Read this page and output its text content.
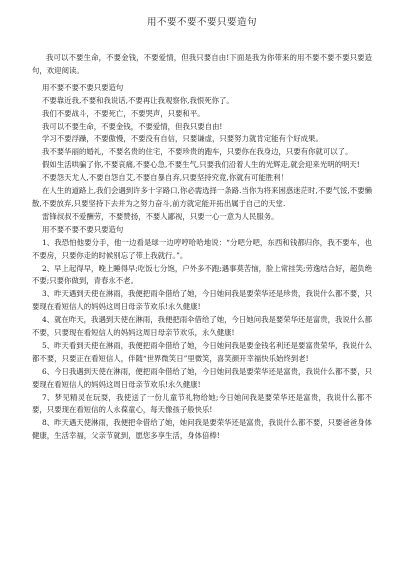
用不要不要不要只要造句

我可以不要生命，不要金钱，不要爱情，但我只要自由!下面是我为你带来的用不要不要不要只要造句，欢迎阅读。

用不要不要不要只要造句

不要靠近我,不要和我说话,不要再让我观察你,我恨死你了。

我们不要战斗，不要死亡，不要哭声，只要和平。

我可以不要生命，不要金钱，不要爱情，但我只要自由!

学习不要浮躁，不要傲慢，不要没有自信，只要谦虚，只要努力就肯定能有个好成果。

我不要华丽的婚礼，不要名贵的住宅，不要珍贵的跑车，只要你在我身边，只要有你就可以了。

假如生活哄骗了你,不要哀痛,不要心急,不要生气,只要我们沿着人生的光辉走,就会迎来光明的明天!

不要怨天尤人,不要自怨自艾,不要自暴自弃,只要坚持究竟,你就有可能胜利！

在人生的道路上,我们会遇到许多十字路口,你必需选择一条路.当你为将来困惑迷茫时,不要气馁,不要懒散,不要放弃,只要坚持下去并为之努力奋斗,前方就定能开拓出属于自己的天堂.

雷锋叔叔不爱酬劳，不要赞扬，不要人鄙视，只要一心一意为人民服务。

用不要不要不要只要造句

1、我恐怕他要分手，他一边看是球一边哼哼哈哈地说：“分吧分吧，东西和钱都归你，我不要车，也不要房，只要你走的时候别忘了带上我就行。”。

2、早上起得早，晚上睡得早;吃饭七分饱，户外多不跑;遇事莫苦恼，脸上常挂笑;劳逸结合好，超负绝不要;只要你做到，青春永不老。

3、昨天遇到天使在淋雨，我便把雨伞借给了她，今日她问我是要荣华还是珍贵，我说什么都不要，只要现在看短信人的妈妈这周日母亲节欢乐!永久健康!

4、就在昨天，我遇到天使在淋雨，我便把雨伞借给了她，今日她问我是要荣华还是富贵，我说什么都不要，只要现在看短信人的妈妈这周日母亲节欢乐，永久健康!

5、昨天看到天使在淋雨，我便把雨伞借给了她，今日她问我是要金钱名利还是要富贵荣华，我说什么都不要，只要正在看短信人，伴随“世界微笑日”里微笑，喜笑颜开幸福快乐始终到老!

6、今日我遇到天使在淋雨，便把雨伞借给了她，今日她问我是要荣华还是富贵，我说什么都不要，只要现在看短信人的妈妈这周日母亲节欢乐!永久健康!

7、梦见精灵在玩耍，我使送了一份儿童节礼物给她;今日她问我是要荣华还是富贵，我说什么都不要，只要现在看短信的人永葆童心，每天像孩子般快乐!

8、昨天遇天使淋雨，我便把伞借给了她，她问我是要荣华还是富贵，我说什么都不要，只要爸爸身体健康，生活幸福，父亲节就到，愿您多享生活，身体倍棒!
